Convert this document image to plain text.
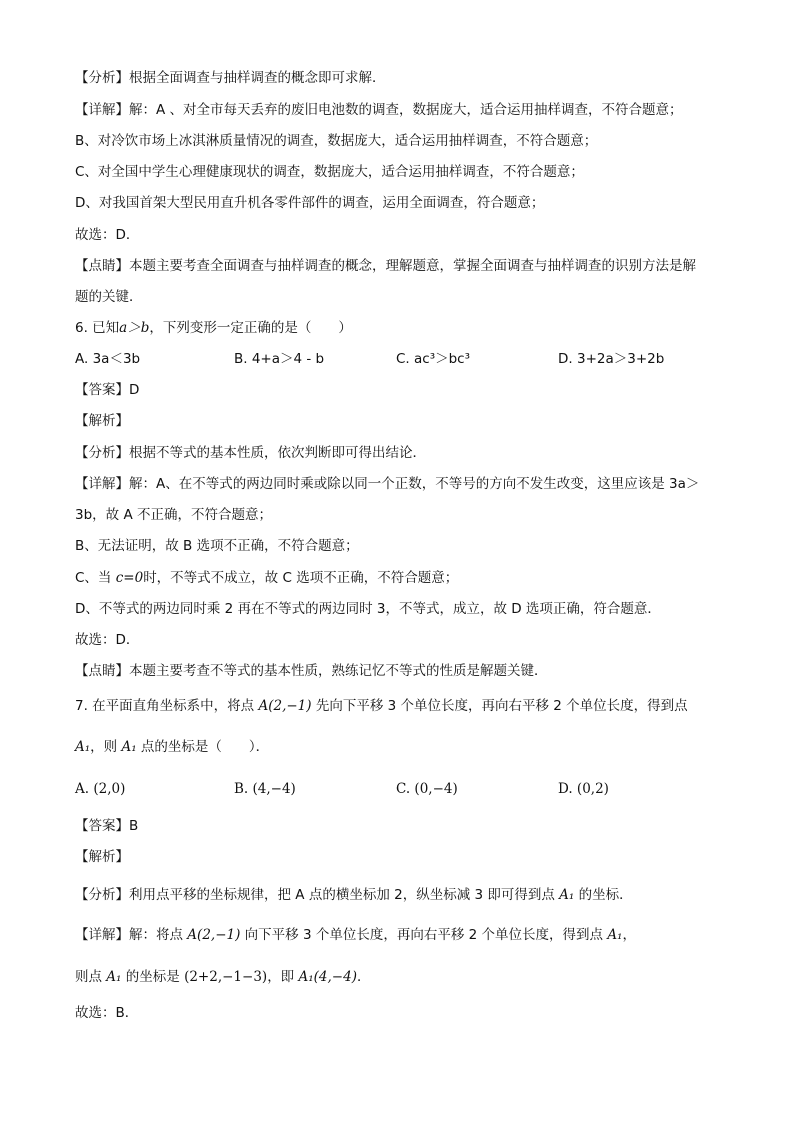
【分析】根据全面调查与抽样调查的概念即可求解．
【详解】解：A 、对全市每天丢弃的废旧电池数的调查，数据庞大，适合运用抽样调查，不符合题意；
B、对冷饮市场上冰淇淋质量情况的调查，数据庞大，适合运用抽样调查，不符合题意；
C、对全国中学生心理健康现状的调查，数据庞大，适合运用抽样调查，不符合题意；
D、对我国首架大型民用直升机各零件部件的调查，运用全面调查，符合题意；
故选：D．
【点睛】本题主要考查全面调查与抽样调查的概念，理解题意，掌握全面调查与抽样调查的识别方法是解
题的关键．
6. 已知a＞b，下列变形一定正确的是（　　）
A. 3a＜3b	B. 4+a＞4 - b	C. ac³＞bc³	D. 3+2a＞3+2b
【答案】D
【解析】
【分析】根据不等式的基本性质，依次判断即可得出结论．
【详解】解：A、在不等式的两边同时乘或除以同一个正数，不等号的方向不发生改变，这里应该是 3a＞
3b，故 A 不正确，不符合题意；
B、无法证明，故 B 选项不正确，不符合题意；
C、当 c=0时，不等式不成立，故 C 选项不正确，不符合题意；
D、不等式的两边同时乘 2 再在不等式的两边同时 3，不等式，成立，故 D 选项正确，符合题意．
故选：D．
【点睛】本题主要考查不等式的基本性质，熟练记忆不等式的性质是解题关键．
7. 在平面直角坐标系中，将点 A(2,−1) 先向下平移 3 个单位长度，再向右平移 2 个单位长度，得到点
A₁，则 A₁ 点的坐标是（　　）．
A. (2,0)	B. (4,−4)	C. (0,−4)	D. (0,2)
【答案】B
【解析】
【分析】利用点平移的坐标规律，把 A 点的横坐标加 2，纵坐标减 3 即可得到点 A₁ 的坐标．
【详解】解：将点 A(2,−1) 向下平移 3 个单位长度，再向右平移 2 个单位长度，得到点 A₁，
则点 A₁ 的坐标是 (2+2,−1−3)，即 A₁(4,−4)．
故选：B．
